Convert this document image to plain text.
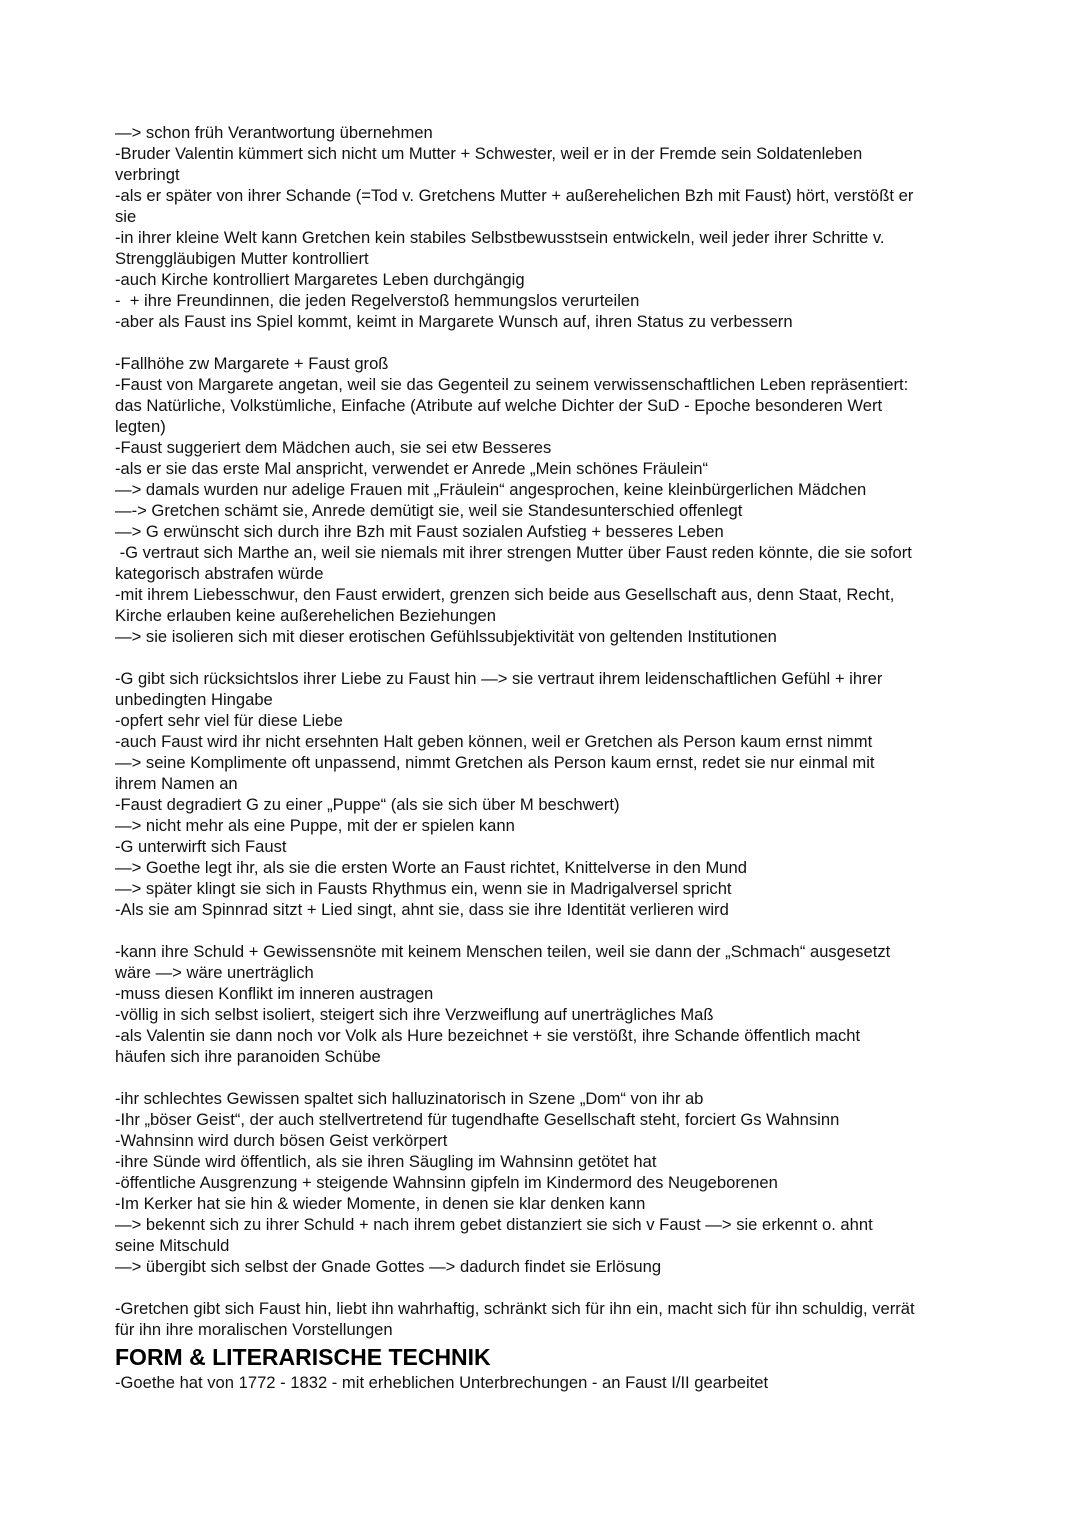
—> schon früh Verantwortung übernehmen
-Bruder Valentin kümmert sich nicht um Mutter + Schwester, weil er in der Fremde sein Soldatenleben
verbringt
-als er später von ihrer Schande (=Tod v. Gretchens Mutter + außerehelichen Bzh mit Faust) hört, verstößt er
sie
-in ihrer kleine Welt kann Gretchen kein stabiles Selbstbewusstsein entwickeln, weil jeder ihrer Schritte v.
Strenggläubigen Mutter kontrolliert
-auch Kirche kontrolliert Margaretes Leben durchgängig
-  + ihre Freundinnen, die jeden Regelverstoß hemmungslos verurteilen
-aber als Faust ins Spiel kommt, keimt in Margarete Wunsch auf, ihren Status zu verbessern
-Fallhöhe zw Margarete + Faust groß
-Faust von Margarete angetan, weil sie das Gegenteil zu seinem verwissenschaftlichen Leben repräsentiert:
das Natürliche, Volkstümliche, Einfache (Atribute auf welche Dichter der SuD - Epoche besonderen Wert
legten)
-Faust suggeriert dem Mädchen auch, sie sei etw Besseres
-als er sie das erste Mal anspricht, verwendet er Anrede „Mein schönes Fräulein“
—> damals wurden nur adelige Frauen mit „Fräulein“ angesprochen, keine kleinbürgerlichen Mädchen
—-> Gretchen schämt sie, Anrede demütigt sie, weil sie Standesunterschied offenlegt
—> G erwünscht sich durch ihre Bzh mit Faust sozialen Aufstieg + besseres Leben
-G vertraut sich Marthe an, weil sie niemals mit ihrer strengen Mutter über Faust reden könnte, die sie sofort
kategorisch abstrafen würde
-mit ihrem Liebesschwur, den Faust erwidert, grenzen sich beide aus Gesellschaft aus, denn Staat, Recht,
Kirche erlauben keine außerehelichen Beziehungen
—> sie isolieren sich mit dieser erotischen Gefühlssubjektivität von geltenden Institutionen
-G gibt sich rücksichtslos ihrer Liebe zu Faust hin —> sie vertraut ihrem leidenschaftlichen Gefühl + ihrer
unbedingten Hingabe
-opfert sehr viel für diese Liebe
-auch Faust wird ihr nicht ersehnten Halt geben können, weil er Gretchen als Person kaum ernst nimmt
—> seine Komplimente oft unpassend, nimmt Gretchen als Person kaum ernst, redet sie nur einmal mit
ihrem Namen an
-Faust degradiert G zu einer „Puppe“ (als sie sich über M beschwert)
—> nicht mehr als eine Puppe, mit der er spielen kann
-G unterwirft sich Faust
—> Goethe legt ihr, als sie die ersten Worte an Faust richtet, Knittelverse in den Mund
—> später klingt sie sich in Fausts Rhythmus ein, wenn sie in Madrigalversel spricht
-Als sie am Spinnrad sitzt + Lied singt, ahnt sie, dass sie ihre Identität verlieren wird
-kann ihre Schuld + Gewissensnöte mit keinem Menschen teilen, weil sie dann der „Schmach“ ausgesetzt
wäre —> wäre unerträglich
-muss diesen Konflikt im inneren austragen
-völlig in sich selbst isoliert, steigert sich ihre Verzweiflung auf unerträgliches Maß
-als Valentin sie dann noch vor Volk als Hure bezeichnet + sie verstößt, ihre Schande öffentlich macht
häufen sich ihre paranoiden Schübe
-ihr schlechtes Gewissen spaltet sich halluzinatorisch in Szene „Dom“ von ihr ab
-Ihr „böser Geist“, der auch stellvertretend für tugendhafte Gesellschaft steht, forciert Gs Wahnsinn
-Wahnsinn wird durch bösen Geist verkörpert
-ihre Sünde wird öffentlich, als sie ihren Säugling im Wahnsinn getötet hat
-öffentliche Ausgrenzung + steigende Wahnsinn gipfeln im Kindermord des Neugeborenen
-Im Kerker hat sie hin & wieder Momente, in denen sie klar denken kann
—> bekennt sich zu ihrer Schuld + nach ihrem gebet distanziert sie sich v Faust —> sie erkennt o. ahnt
seine Mitschuld
—> übergibt sich selbst der Gnade Gottes —> dadurch findet sie Erlösung
-Gretchen gibt sich Faust hin, liebt ihn wahrhaftig, schränkt sich für ihn ein, macht sich für ihn schuldig, verrät
für ihn ihre moralischen Vorstellungen
FORM & LITERARISCHE TECHNIK
-Goethe hat von 1772 - 1832 - mit erheblichen Unterbrechungen - an Faust I/II gearbeitet
